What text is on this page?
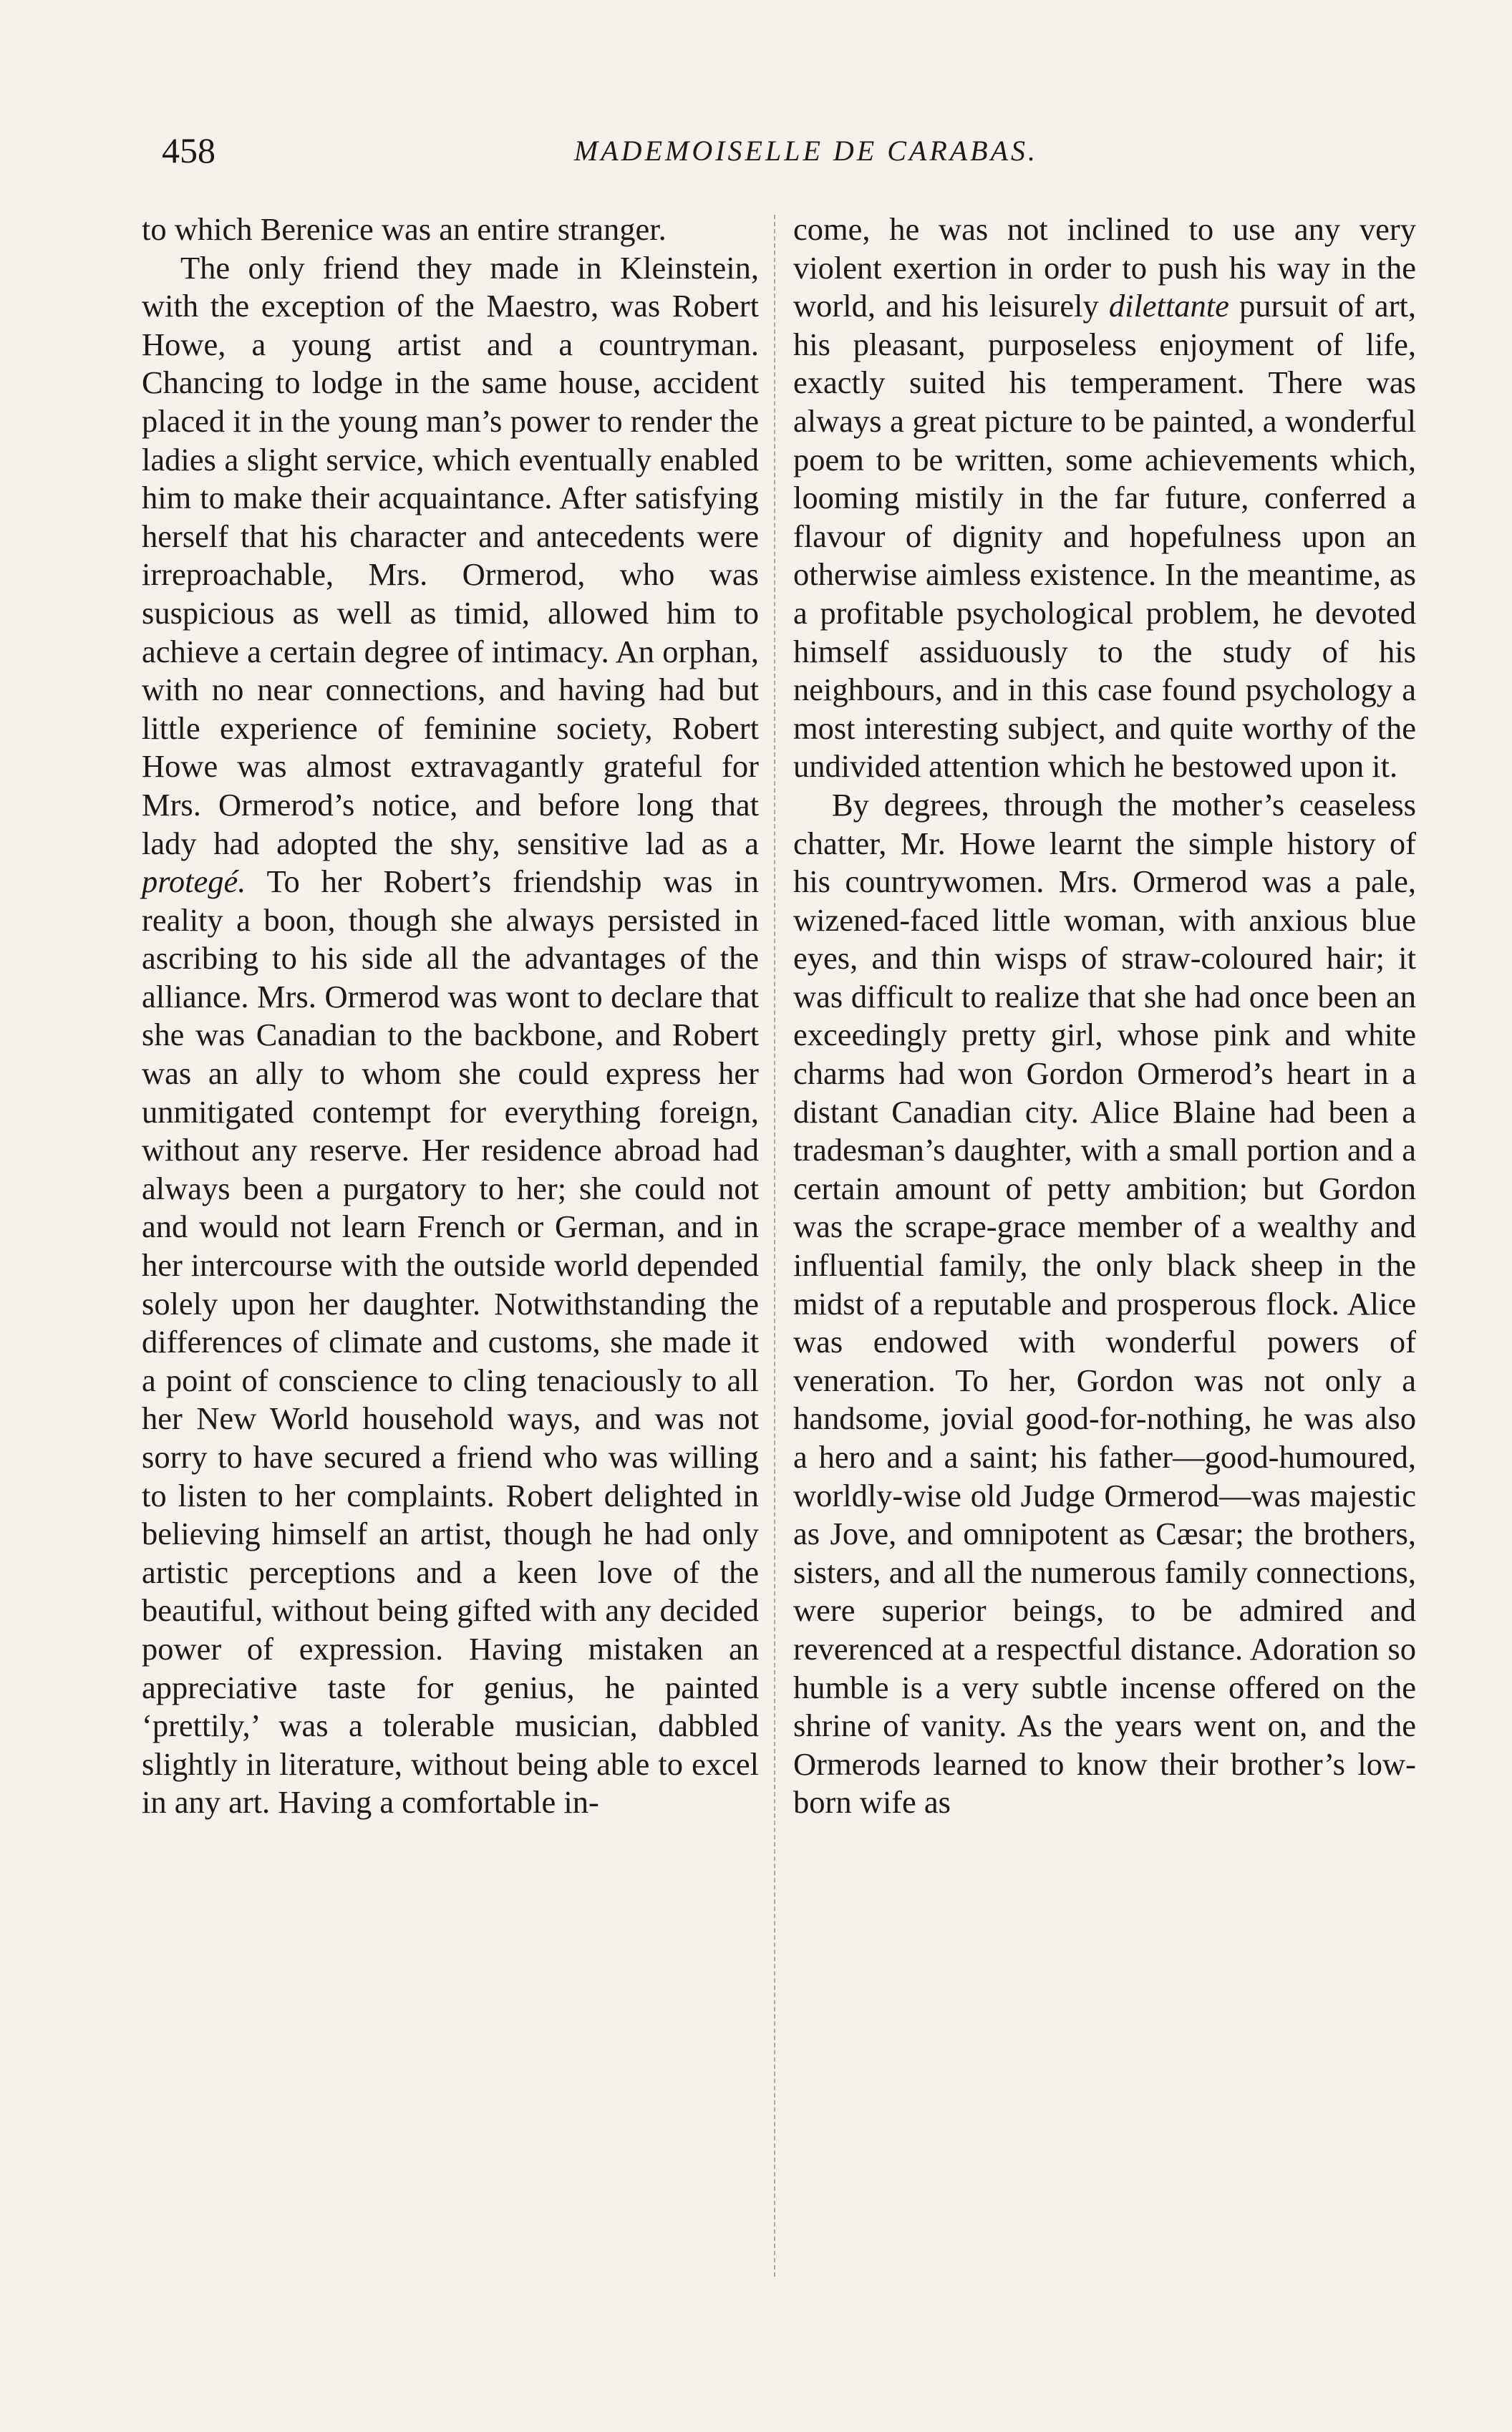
458	MADEMOISELLE DE CARABAS.

to which Berenice was an entire stranger.

The only friend they made in Kleinstein, with the exception of the Maestro, was Robert Howe, a young artist and a countryman. Chancing to lodge in the same house, accident placed it in the young man’s power to render the ladies a slight service, which eventually enabled him to make their acquaintance. After satisfying herself that his character and antecedents were irreproachable, Mrs. Ormerod, who was suspicious as well as timid, allowed him to achieve a certain degree of intimacy. An orphan, with no near connections, and having had but little experience of feminine society, Robert Howe was almost extravagantly grateful for Mrs. Ormerod’s notice, and before long that lady had adopted the shy, sensitive lad as a protegé. To her Robert’s friendship was in reality a boon, though she always persisted in ascribing to his side all the advantages of the alliance. Mrs. Ormerod was wont to declare that she was Canadian to the backbone, and Robert was an ally to whom she could express her unmitigated contempt for everything foreign, without any reserve. Her residence abroad had always been a purgatory to her; she could not and would not learn French or German, and in her intercourse with the outside world depended solely upon her daughter. Notwithstanding the differences of climate and customs, she made it a point of conscience to cling tenaciously to all her New World household ways, and was not sorry to have secured a friend who was willing to listen to her complaints. Robert delighted in believing himself an artist, though he had only artistic perceptions and a keen love of the beautiful, without being gifted with any decided power of expression. Having mistaken an appreciative taste for genius, he painted ‘prettily,’ was a tolerable musician, dabbled slightly in literature, without being able to excel in any art. Having a comfortable in-

come, he was not inclined to use any very violent exertion in order to push his way in the world, and his leisurely dilettante pursuit of art, his pleasant, purposeless enjoyment of life, exactly suited his temperament. There was always a great picture to be painted, a wonderful poem to be written, some achievements which, looming mistily in the far future, conferred a flavour of dignity and hopefulness upon an otherwise aimless existence. In the meantime, as a profitable psychological problem, he devoted himself assiduously to the study of his neighbours, and in this case found psychology a most interesting subject, and quite worthy of the undivided attention which he bestowed upon it.

By degrees, through the mother’s ceaseless chatter, Mr. Howe learnt the simple history of his countrywomen. Mrs. Ormerod was a pale, wizened-faced little woman, with anxious blue eyes, and thin wisps of straw-coloured hair; it was difficult to realize that she had once been an exceedingly pretty girl, whose pink and white charms had won Gordon Ormerod’s heart in a distant Canadian city. Alice Blaine had been a tradesman’s daughter, with a small portion and a certain amount of petty ambition; but Gordon was the scrape-grace member of a wealthy and influential family, the only black sheep in the midst of a reputable and prosperous flock. Alice was endowed with wonderful powers of veneration. To her, Gordon was not only a handsome, jovial good-for-nothing, he was also a hero and a saint; his father—good-humoured, worldly-wise old Judge Ormerod—was majestic as Jove, and omnipotent as Cæsar; the brothers, sisters, and all the numerous family connections, were superior beings, to be admired and reverenced at a respectful distance. Adoration so humble is a very subtle incense offered on the shrine of vanity. As the years went on, and the Ormerods learned to know their brother’s low-born wife as
